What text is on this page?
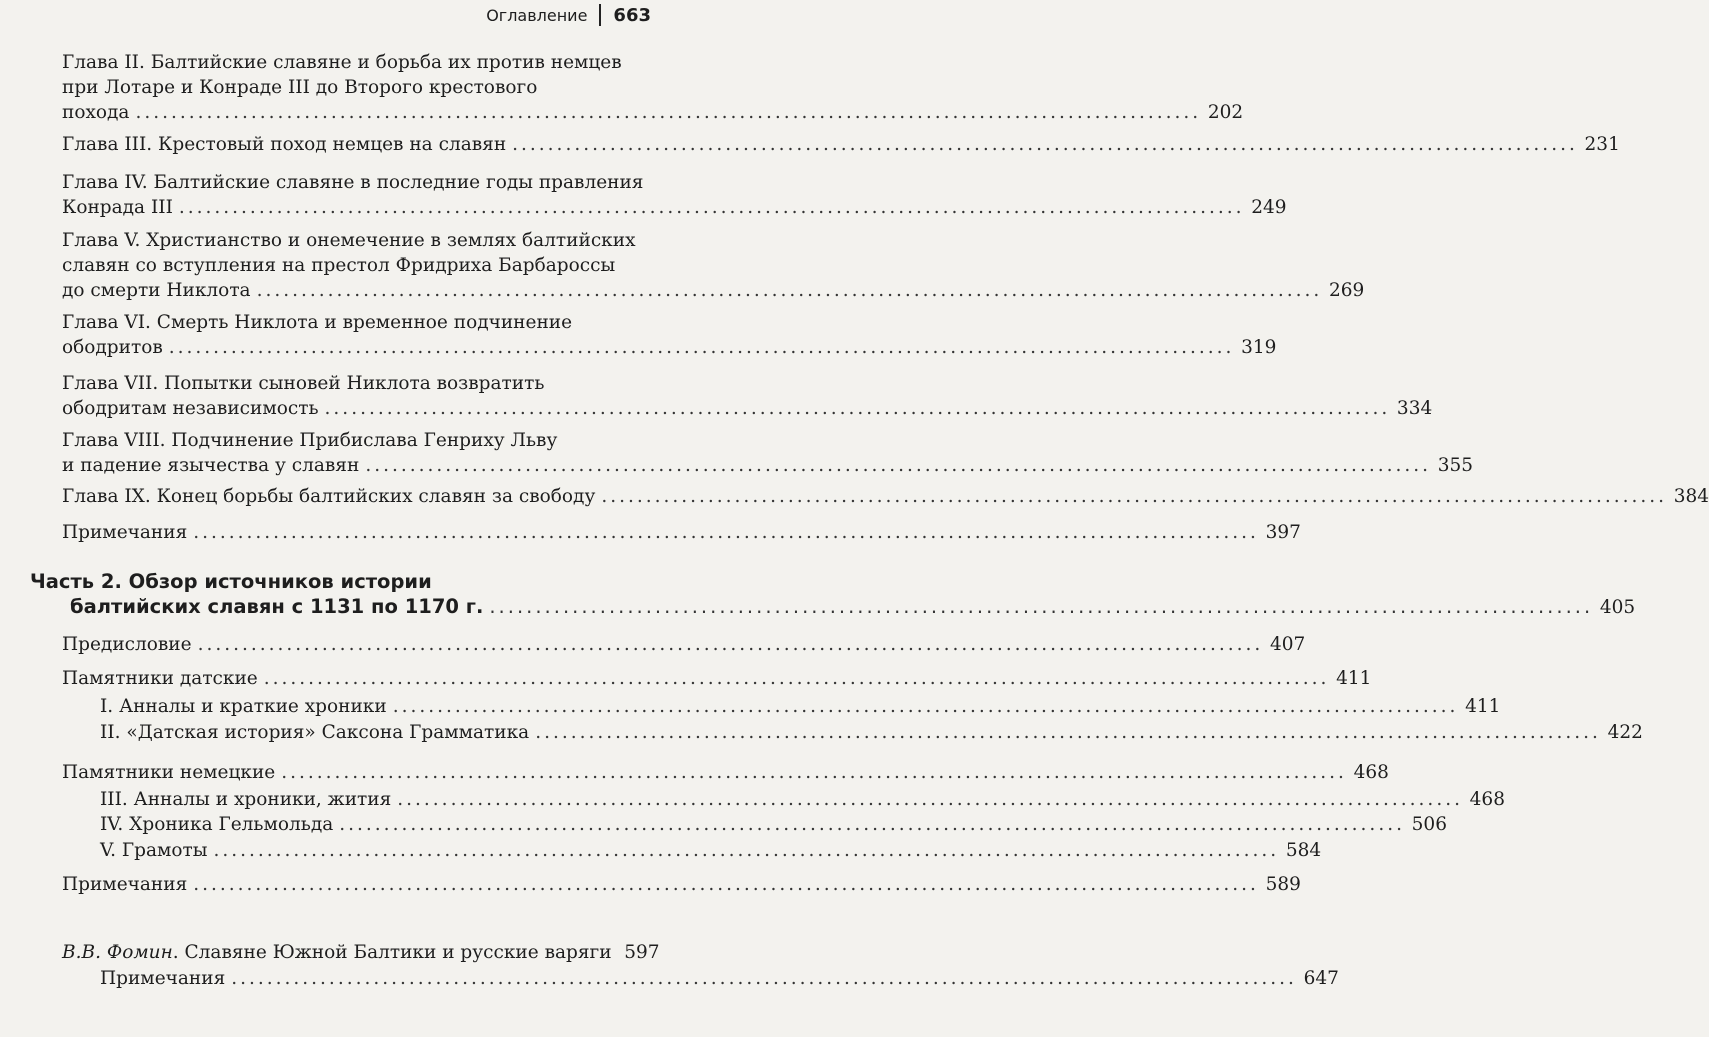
Оглавление 663
Глава II. Балтийские славяне и борьба их против немцев
при Лотаре и Конраде III до Второго крестового
похода ........................................................................................................................ 202
Глава III. Крестовый поход немцев на славян ........................................................................................................................ 231
Глава IV. Балтийские славяне в последние годы правления
Конрада III ........................................................................................................................ 249
Глава V. Христианство и онемечение в землях балтийских
славян со вступления на престол Фридриха Барбароссы
до смерти Никлота ........................................................................................................................ 269
Глава VI. Смерть Никлота и временное подчинение
ободритов ........................................................................................................................ 319
Глава VII. Попытки сыновей Никлота возвратить
ободритам независимость ........................................................................................................................ 334
Глава VIII. Подчинение Прибислава Генриху Льву
и падение язычества у славян ........................................................................................................................ 355
Глава IX. Конец борьбы балтийских славян за свободу ........................................................................................................................ 384
Примечания ........................................................................................................................ 397
Часть 2. Обзор источников истории
балтийских славян с 1131 по 1170 г. ........................................................................................................................ 405
Предисловие ........................................................................................................................ 407
Памятники датские ........................................................................................................................ 411
I. Анналы и краткие хроники ........................................................................................................................ 411
II. «Датская история» Саксона Грамматика ........................................................................................................................ 422
Памятники немецкие ........................................................................................................................ 468
III. Анналы и хроники, жития ........................................................................................................................ 468
IV. Хроника Гельмольда ........................................................................................................................ 506
V. Грамоты ........................................................................................................................ 584
Примечания ........................................................................................................................ 589
В.В. Фомин. Славяне Южной Балтики и русские варяги 597
Примечания ........................................................................................................................ 647
